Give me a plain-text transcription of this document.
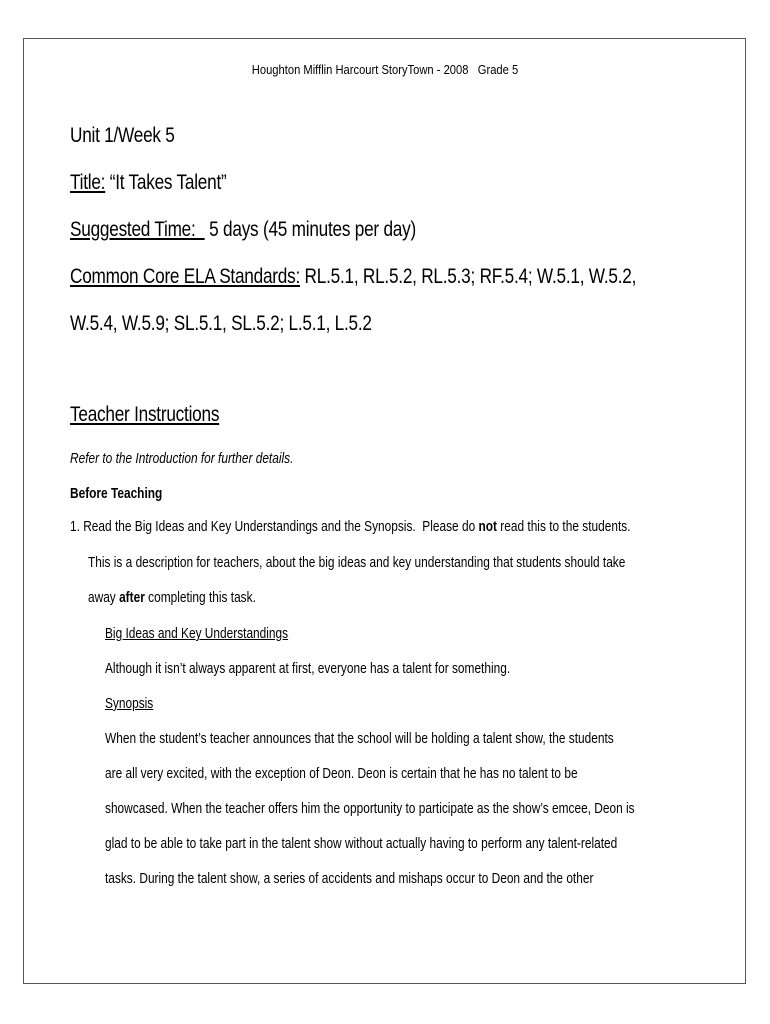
Houghton Mifflin Harcourt StoryTown - 2008 Grade 5
Unit 1/Week 5
Title: “It Takes Talent”
Suggested Time:   5 days (45 minutes per day)
Common Core ELA Standards: RL.5.1, RL.5.2, RL.5.3; RF.5.4; W.5.1, W.5.2,
W.5.4, W.5.9; SL.5.1, SL.5.2; L.5.1, L.5.2
Teacher Instructions
Refer to the Introduction for further details.
Before Teaching
1. Read the Big Ideas and Key Understandings and the Synopsis.  Please do not read this to the students.
This is a description for teachers, about the big ideas and key understanding that students should take
away after completing this task.
Big Ideas and Key Understandings
Although it isn’t always apparent at first, everyone has a talent for something.
Synopsis
When the student’s teacher announces that the school will be holding a talent show, the students
are all very excited, with the exception of Deon. Deon is certain that he has no talent to be
showcased. When the teacher offers him the opportunity to participate as the show’s emcee, Deon is
glad to be able to take part in the talent show without actually having to perform any talent-related
tasks. During the talent show, a series of accidents and mishaps occur to Deon and the other
